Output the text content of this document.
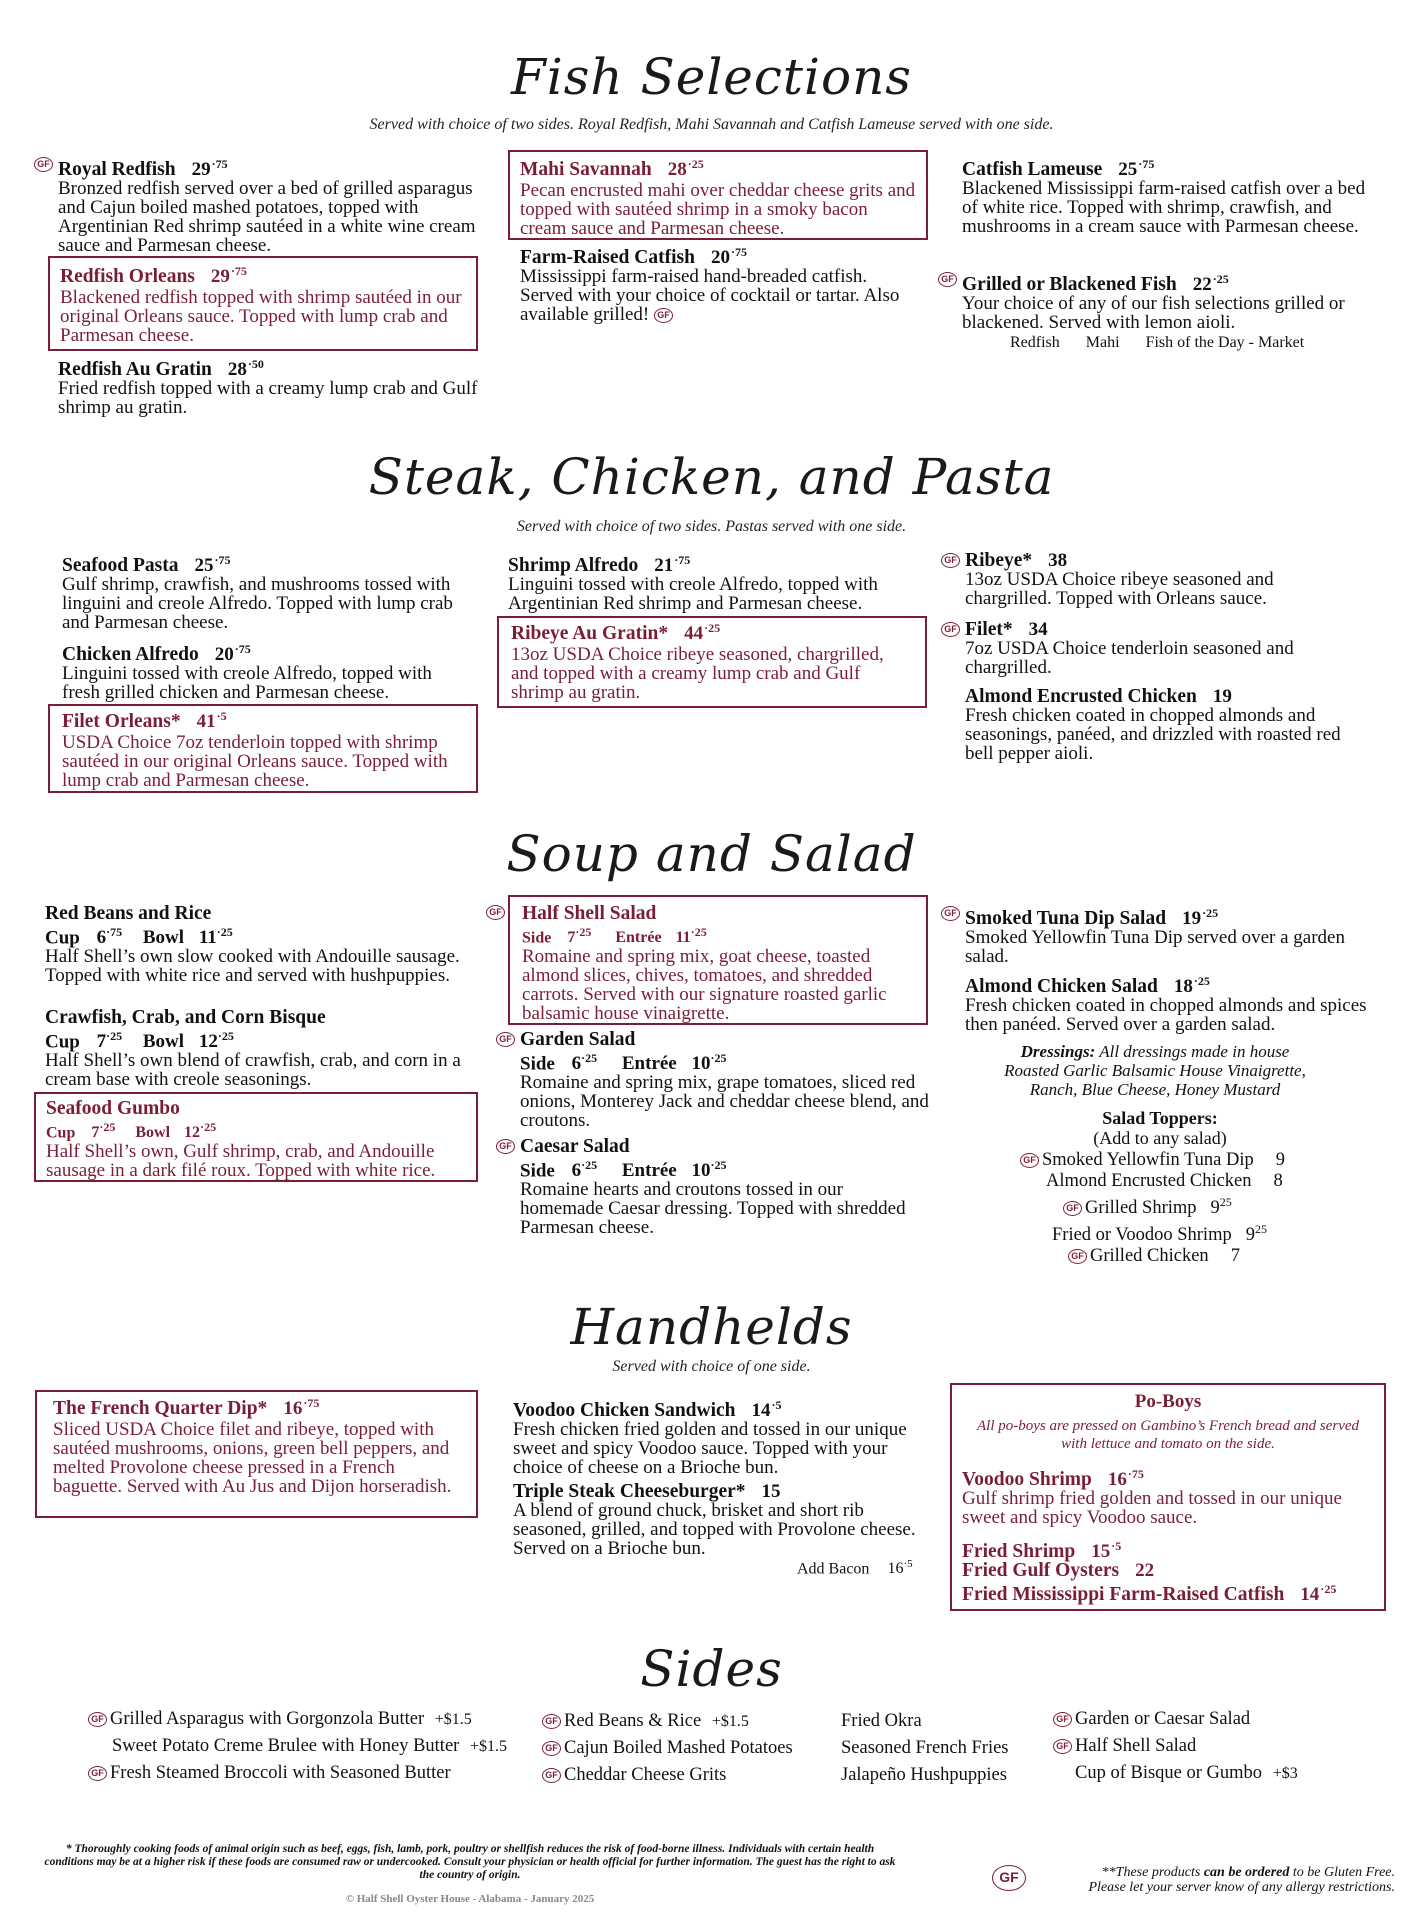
Fish Selections
Served with choice of two sides. Royal Redfish, Mahi Savannah and Catfish Lameuse served with one side.
GF Royal Redfish $29^{\cdot 75}$
Bronzed redfish served over a bed of grilled asparagus and Cajun boiled mashed potatoes, topped with Argentinian Red shrimp sautéed in a white wine cream sauce and Parmesan cheese.
Redfish Orleans $29^{\cdot 75}$
Blackened redfish topped with shrimp sautéed in our original Orleans sauce. Topped with lump crab and Parmesan cheese.
Redfish Au Gratin $28^{\cdot 50}$
Fried redfish topped with a creamy lump crab and Gulf shrimp au gratin.
Mahi Savannah $28^{\cdot 25}$
Pecan encrusted mahi over cheddar cheese grits and topped with sautéed shrimp in a smoky bacon cream sauce and Parmesan cheese.
Farm-Raised Catfish $20^{\cdot 75}$
Mississippi farm-raised hand-breaded catfish. Served with your choice of cocktail or tartar. Also available grilled! GF
Catfish Lameuse $25^{\cdot 75}$
Blackened Mississippi farm-raised catfish over a bed of white rice. Topped with shrimp, crawfish, and mushrooms in a cream sauce with Parmesan cheese.
GF Grilled or Blackened Fish $22^{\cdot 25}$
Your choice of any of our fish selections grilled or blackened. Served with lemon aioli.
Redfish Mahi Fish of the Day - Market
Steak, Chicken, and Pasta
Served with choice of two sides. Pastas served with one side.
Seafood Pasta $25^{\cdot 75}$
Gulf shrimp, crawfish, and mushrooms tossed with linguini and creole Alfredo. Topped with lump crab and Parmesan cheese.
Chicken Alfredo $20^{\cdot 75}$
Linguini tossed with creole Alfredo, topped with fresh grilled chicken and Parmesan cheese.
Filet Orleans* $41^{\cdot 5}$
USDA Choice 7oz tenderloin topped with shrimp sautéed in our original Orleans sauce. Topped with lump crab and Parmesan cheese.
Shrimp Alfredo $21^{\cdot 75}$
Linguini tossed with creole Alfredo, topped with Argentinian Red shrimp and Parmesan cheese.
Ribeye Au Gratin* $44^{\cdot 25}$
13oz USDA Choice ribeye seasoned, chargrilled, and topped with a creamy lump crab and Gulf shrimp au gratin.
GF Ribeye* 38
13oz USDA Choice ribeye seasoned and chargrilled. Topped with Orleans sauce.
GF Filet* 34
7oz USDA Choice tenderloin seasoned and chargrilled.
Almond Encrusted Chicken 19
Fresh chicken coated in chopped almonds and seasonings, panéed, and drizzled with roasted red bell pepper aioli.
Soup and Salad
Red Beans and Rice
Cup $6^{\cdot 75}$ Bowl $11^{\cdot 25}$
Half Shell’s own slow cooked with Andouille sausage. Topped with white rice and served with hushpuppies.
Crawfish, Crab, and Corn Bisque
Cup $7^{\cdot 25}$ Bowl $12^{\cdot 25}$
Half Shell’s own blend of crawfish, crab, and corn in a cream base with creole seasonings.
Seafood Gumbo
Cup $7^{\cdot 25}$ Bowl $12^{\cdot 25}$
Half Shell’s own, Gulf shrimp, crab, and Andouille sausage in a dark filé roux. Topped with white rice.
GF Half Shell Salad
Side $7^{\cdot 25}$ Entrée $11^{\cdot 25}$
Romaine and spring mix, goat cheese, toasted almond slices, chives, tomatoes, and shredded carrots. Served with our signature roasted garlic balsamic house vinaigrette.
GF Garden Salad
Side $6^{\cdot 25}$ Entrée $10^{\cdot 25}$
Romaine and spring mix, grape tomatoes, sliced red onions, Monterey Jack and cheddar cheese blend, and croutons.
GF Caesar Salad
Side $6^{\cdot 25}$ Entrée $10^{\cdot 25}$
Romaine hearts and croutons tossed in our homemade Caesar dressing. Topped with shredded Parmesan cheese.
GF Smoked Tuna Dip Salad $19^{\cdot 25}$
Smoked Yellowfin Tuna Dip served over a garden salad.
Almond Chicken Salad $18^{\cdot 25}$
Fresh chicken coated in chopped almonds and spices then panéed. Served over a garden salad.
Dressings: All dressings made in house
Roasted Garlic Balsamic House Vinaigrette, Ranch, Blue Cheese, Honey Mustard
Salad Toppers:
(Add to any salad)
GF Smoked Yellowfin Tuna Dip 9
Almond Encrusted Chicken 8
GF Grilled Shrimp $9^{25}$
Fried or Voodoo Shrimp $9^{25}$
GF Grilled Chicken 7
Handhelds
Served with choice of one side.
The French Quarter Dip* $16^{\cdot 75}$
Sliced USDA Choice filet and ribeye, topped with sautéed mushrooms, onions, green bell peppers, and melted Provolone cheese pressed in a French baguette. Served with Au Jus and Dijon horseradish.
Voodoo Chicken Sandwich $14^{\cdot 5}$
Fresh chicken fried golden and tossed in our unique sweet and spicy Voodoo sauce. Topped with your choice of cheese on a Brioche bun.
Triple Steak Cheeseburger* 15
A blend of ground chuck, brisket and short rib seasoned, grilled, and topped with Provolone cheese. Served on a Brioche bun.
Add Bacon $16^{\cdot 5}$
Po-Boys
All po-boys are pressed on Gambino’s French bread and served with lettuce and tomato on the side.
Voodoo Shrimp $16^{\cdot 75}$
Gulf shrimp fried golden and tossed in our unique sweet and spicy Voodoo sauce.
Fried Shrimp $15^{\cdot 5}$
Fried Gulf Oysters 22
Fried Mississippi Farm-Raised Catfish $14^{\cdot 25}$
Sides
GF Grilled Asparagus with Gorgonzola Butter +$1.5
Sweet Potato Creme Brulee with Honey Butter +$1.5
GF Fresh Steamed Broccoli with Seasoned Butter
GF Red Beans & Rice +$1.5
GF Cajun Boiled Mashed Potatoes
GF Cheddar Cheese Grits
Fried Okra
Seasoned French Fries
Jalapeño Hushpuppies
GF Garden or Caesar Salad
GF Half Shell Salad
Cup of Bisque or Gumbo +$3
* Thoroughly cooking foods of animal origin such as beef, eggs, fish, lamb, pork, poultry or shellfish reduces the risk of food-borne illness. Individuals with certain health conditions may be at a higher risk if these foods are consumed raw or undercooked. Consult your physician or health official for further information. The guest has the right to ask the country of origin.
© Half Shell Oyster House - Alabama - January 2025
GF	**These products can be ordered to be Gluten Free.
Please let your server know of any allergy restrictions.
